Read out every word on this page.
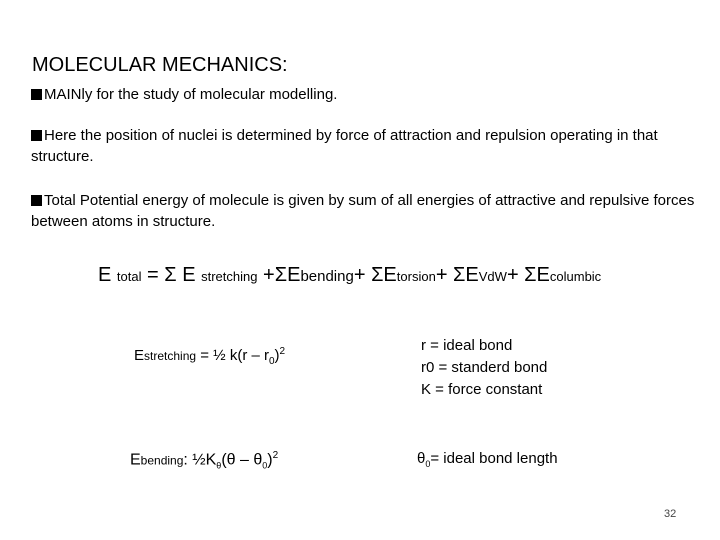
MOLECULAR MECHANICS:
MAINly for the study of molecular modelling.
Here the position of nuclei is determined by force of attraction and repulsion operating in that structure.
Total Potential energy of molecule is given by sum of all energies of attractive and repulsive forces between atoms in structure.
E total = Σ E stretching +ΣEbending+ ΣEtorsion+ ΣEVdW+ ΣEcolumbic
Estretching = ½ $k(r - r_0)^2$	r = ideal bond
r0 = standerd bond
K = force constant
Ebending: $\frac{1}{2}K_\theta(\theta - \theta_0)^2$	$\theta_0=$ ideal bond length
32
